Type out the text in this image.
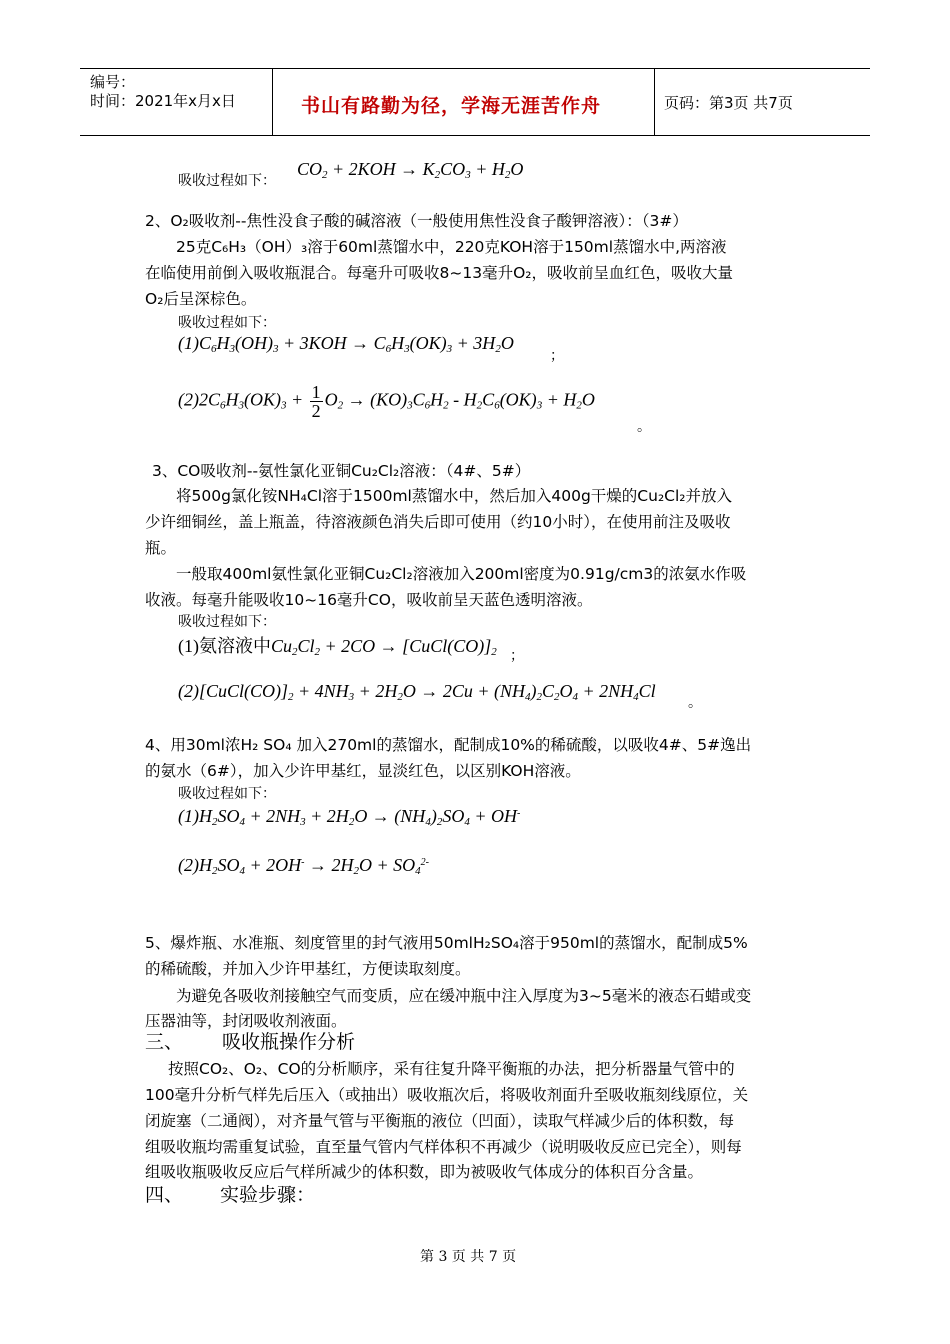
编号：
时间：2021年x月x日	书山有路勤为径，学海无涯苦作舟	页码：第3页 共7页
吸收过程如下：
$CO_2 + 2KOH \to K_2CO_3 + H_2O$
2、O₂吸收剂--焦性没食子酸的碱溶液（一般使用焦性没食子酸钾溶液）：（3#）
25克C₆H₃（OH）₃溶于60ml蒸馏水中，220克KOH溶于150ml蒸馏水中,两溶液
在临使用前倒入吸收瓶混合。每毫升可吸收8~13毫升O₂，吸收前呈血红色，吸收大量
O₂后呈深棕色。
吸收过程如下：
$(1)C_6H_3(OH)_3 + 3KOH \to C_6H_3(OK)_3 + 3H_2O$
；
$(2)2C_6H_3(OK)_3 + \frac{1}{2} O_2 \to (KO)_3C_6H_2 - H_2C_6(OK)_3 + H_2O$
。
3、CO吸收剂--氨性氯化亚铜Cu₂Cl₂溶液：（4#、5#）
将500g氯化铵NH₄Cl溶于1500ml蒸馏水中，然后加入400g干燥的Cu₂Cl₂并放入
少许细铜丝，盖上瓶盖，待溶液颜色消失后即可使用（约10小时），在使用前注及吸收
瓶。
一般取400ml氨性氯化亚铜Cu₂Cl₂溶液加入200ml密度为0.91g/cm3的浓氨水作吸
收液。每毫升能吸收10~16毫升CO，吸收前呈天蓝色透明溶液。
吸收过程如下：
(1)氨溶液中$Cu_2Cl_2 + 2CO$ → $[CuCl(CO)]_2$ ；
$(2)[CuCl(CO)]_2 + 4NH_3 + 2H_2O \to 2Cu + (NH_4)_2C_2O_4 + 2NH_4Cl$
。
4、用30ml浓H₂ SO₄ 加入270ml的蒸馏水，配制成10%的稀硫酸，以吸收4#、5#逸出
的氨水（6#），加入少许甲基红，显淡红色，以区别KOH溶液。
吸收过程如下：
$(1)H_2SO_4 + 2NH_3 + 2H_2O \to (NH_4)_2SO_4 + OH^-$
$(2)H_2SO_4 + 2OH^- \to 2H_2O + SO_4^{2-}$
5、爆炸瓶、水准瓶、刻度管里的封气液用50mlH₂SO₄溶于950ml的蒸馏水，配制成5%
的稀硫酸，并加入少许甲基红，方便读取刻度。
为避免各吸收剂接触空气而变质，应在缓冲瓶中注入厚度为3~5毫米的液态石蜡或变
压器油等，封闭吸收剂液面。
三、 吸收瓶操作分析
按照CO₂、O₂、CO的分析顺序，采有往复升降平衡瓶的办法，把分析器量气管中的
100毫升分析气样先后压入（或抽出）吸收瓶次后，将吸收剂面升至吸收瓶刻线原位，关
闭旋塞（二通阀），对齐量气管与平衡瓶的液位（凹面），读取气样减少后的体积数，每
组吸收瓶均需重复试验，直至量气管内气样体积不再减少（说明吸收反应已完全），则每
组吸收瓶吸收反应后气样所减少的体积数，即为被吸收气体成分的体积百分含量。
四、 实验步骤：
第 3 页 共 7 页
